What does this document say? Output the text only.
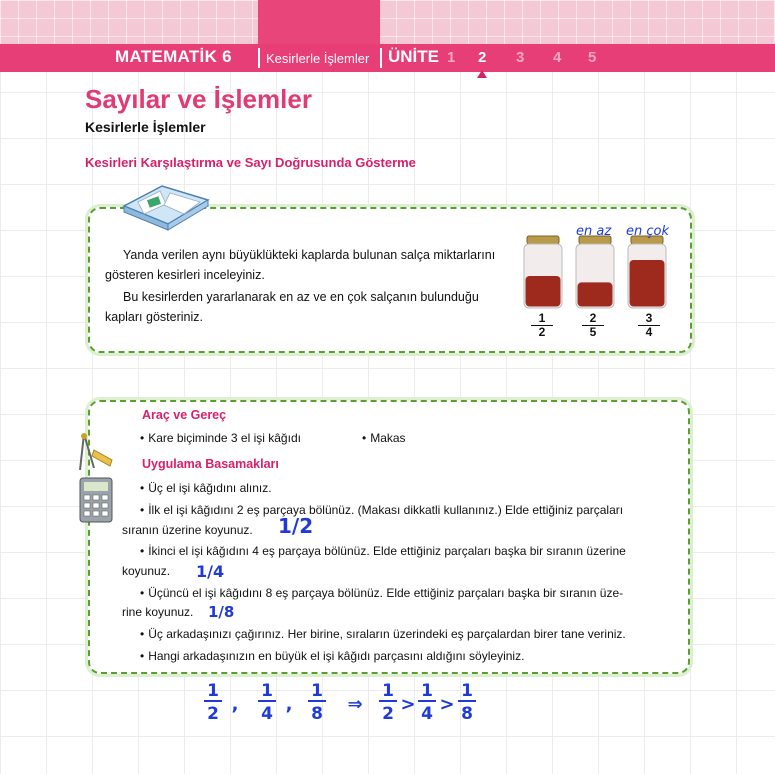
MATEMATİK 6	Kesirlerle İşlemler ÜNİTE 1 2 3 4 5
Sayılar ve İşlemler
Kesirlerle İşlemler
Kesirleri Karşılaştırma ve Sayı Doğrusunda Gösterme
Yanda verilen aynı büyüklükteki kaplarda bulunan salça miktarlarını gösteren kesirleri inceleyiniz.
Bu kesirlerden yararlanarak en az ve en çok salçanın bulunduğu kapları gösteriniz.
en az en çok
$\frac{1}{2} \frac{2}{5}$	$\frac{3}{4}$
Araç ve Gereç
• Kare biçiminde 3 el işi kâğıdı	• Makas
Uygulama Basamakları
• Üç el işi kâğıdını alınız.
• İlk el işi kâğıdını 2 eş parçaya bölünüz. (Makası dikkatli kullanınız.) Elde ettiğiniz parçaları
sıranın üzerine koyunuz. 1/2
• İkinci el işi kâğıdını 4 eş parçaya bölünüz. Elde ettiğiniz parçaları başka bir sıranın üzerine
koyunuz. 1/4
• Üçüncü el işi kâğıdını 8 eş parçaya bölünüz. Elde ettiğiniz parçaları başka bir sıranın üze-
rine koyunuz. 1/8
• Üç arkadaşınızı çağırınız. Her birine, sıraların üzerindeki eş parçalardan birer tane veriniz.
• Hangi arkadaşınızın en büyük el işi kâğıdı parçasını aldığını söyleyiniz.
1
2 ,
1
4 ,
1
8 ⇒
1
2 >
1
4 >
1
8
